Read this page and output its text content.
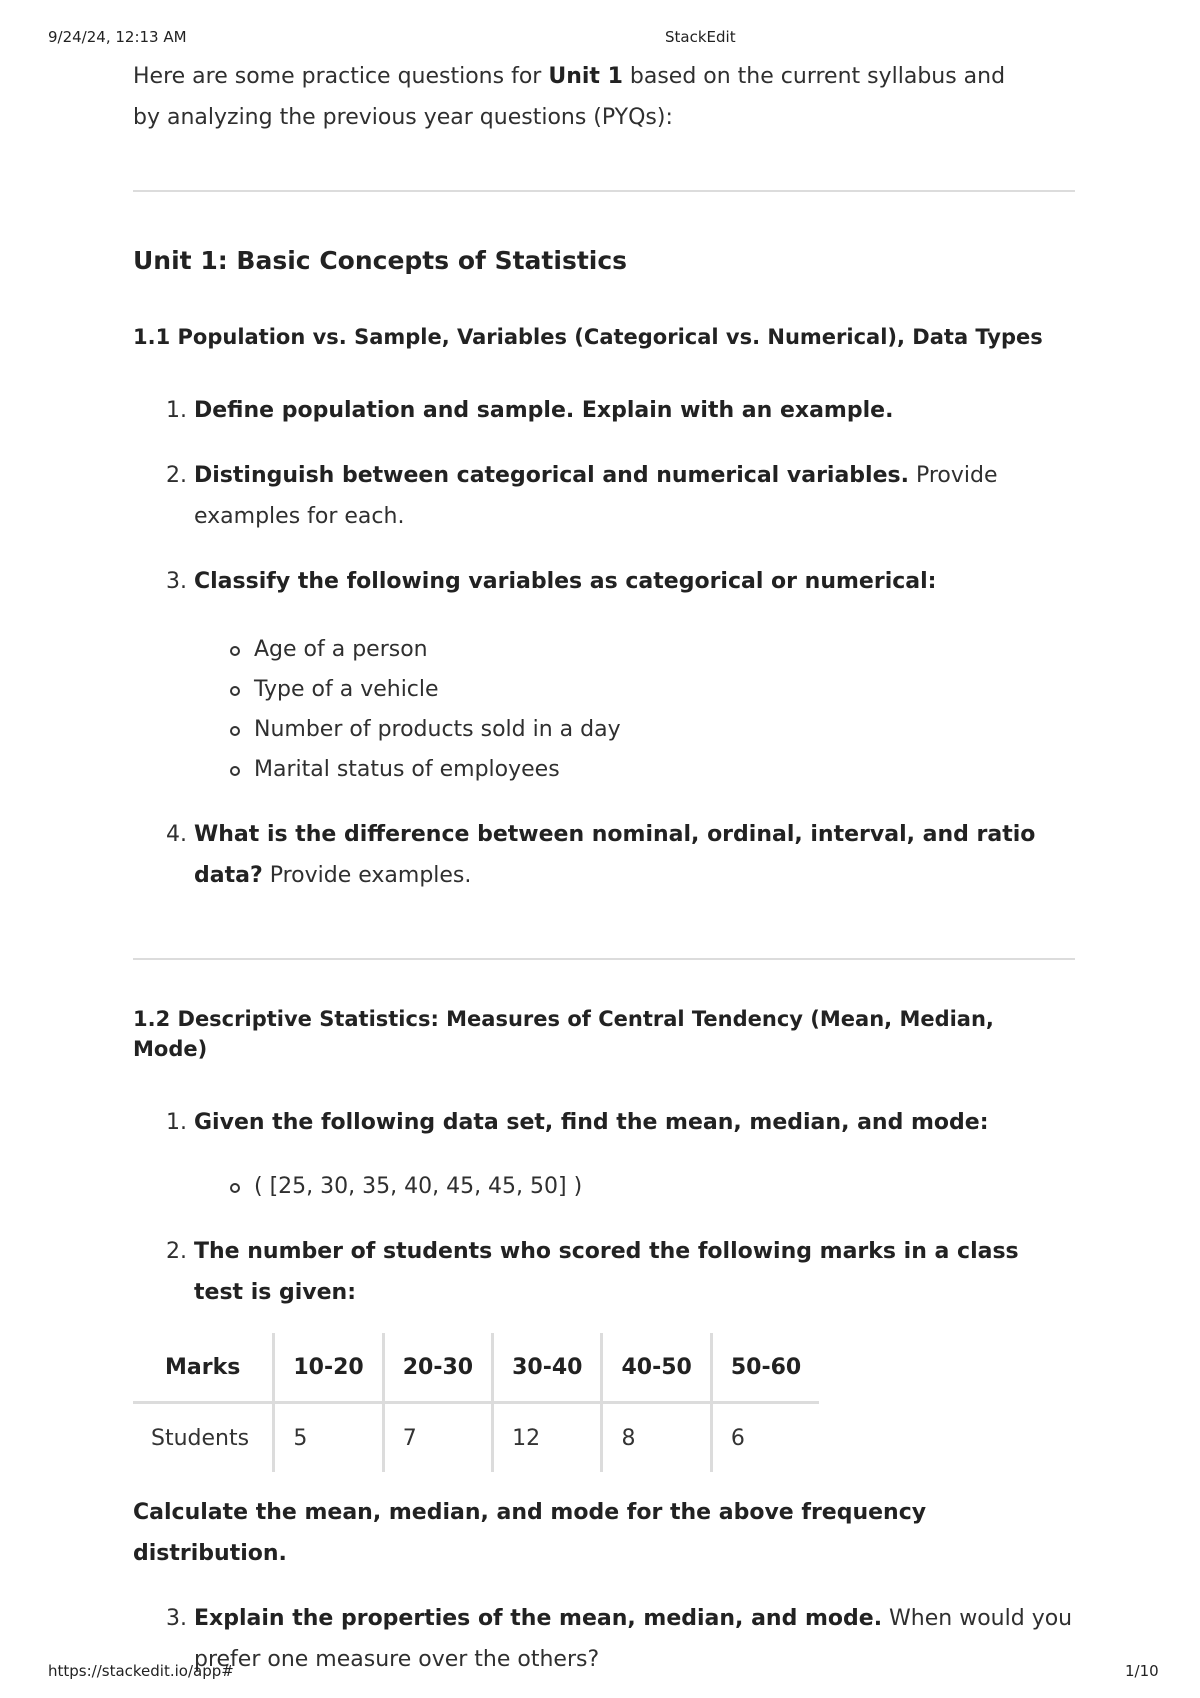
9/24/24, 12:13 AM	StackEdit

Here are some practice questions for Unit 1 based on the current syllabus and by analyzing the previous year questions (PYQs):

Unit 1: Basic Concepts of Statistics
1.1 Population vs. Sample, Variables (Categorical vs. Numerical), Data Types
1. Define population and sample. Explain with an example.
2. Distinguish between categorical and numerical variables. Provide examples for each.
3. Classify the following variables as categorical or numerical:
Age of a person
Type of a vehicle
Number of products sold in a day
Marital status of employees
4. What is the difference between nominal, ordinal, interval, and ratio data? Provide examples.
1.2 Descriptive Statistics: Measures of Central Tendency (Mean, Median, Mode)
1. Given the following data set, find the mean, median, and mode:
( [25, 30, 35, 40, 45, 45, 50] )
2. The number of students who scored the following marks in a class test is given:
Marks	10-20	20-30	30-40	40-50	50-60
Students	5	7	12	8	6

Calculate the mean, median, and mode for the above frequency distribution.

3. Explain the properties of the mean, median, and mode. When would you prefer one measure over the others?
https://stackedit.io/app#	1/10
